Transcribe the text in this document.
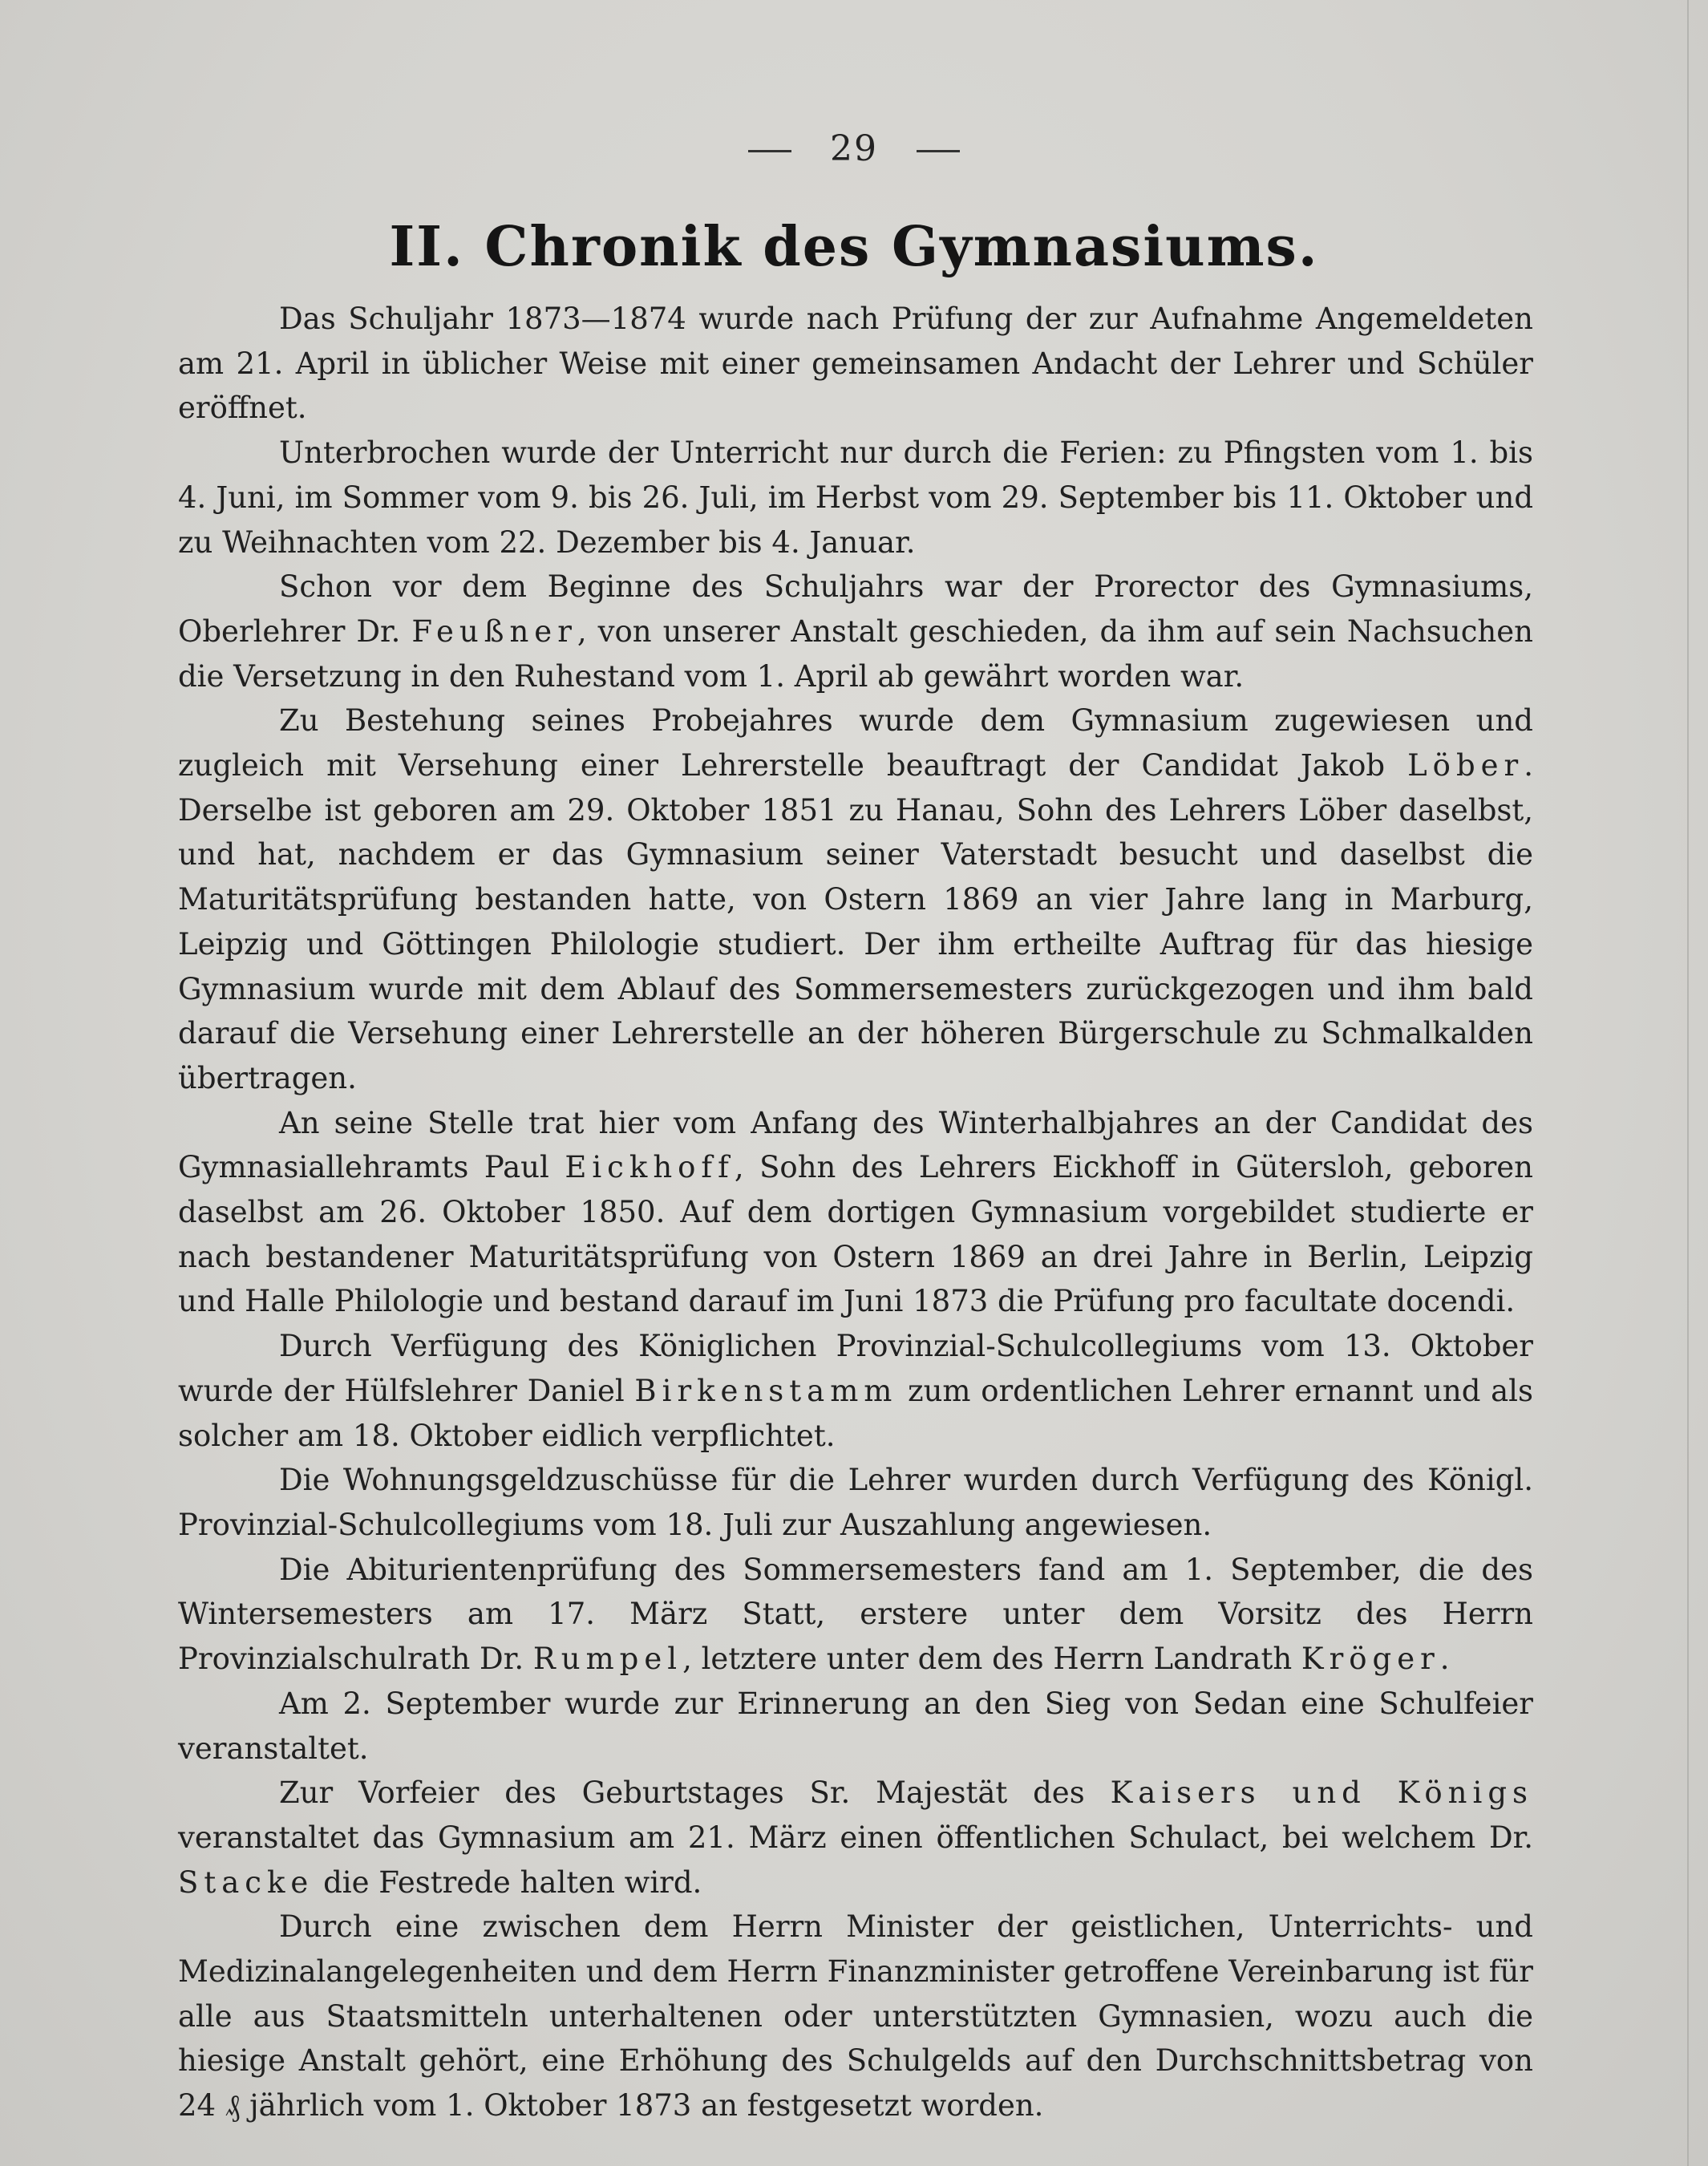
29
II. Chronik des Gymnasiums.

Das Schuljahr 1873—1874 wurde nach Prüfung der zur Aufnahme Angemeldeten am 21. April in üblicher Weise mit einer gemeinsamen Andacht der Lehrer und Schüler eröffnet.

Unterbrochen wurde der Unterricht nur durch die Ferien: zu Pfingsten vom 1. bis 4. Juni, im Sommer vom 9. bis 26. Juli, im Herbst vom 29. September bis 11. Oktober und zu Weihnachten vom 22. Dezember bis 4. Januar.

Schon vor dem Beginne des Schuljahrs war der Prorector des Gymnasiums, Oberlehrer Dr. Feußner, von unserer Anstalt geschieden, da ihm auf sein Nachsuchen die Versetzung in den Ruhestand vom 1. April ab gewährt worden war.

Zu Bestehung seines Probejahres wurde dem Gymnasium zugewiesen und zugleich mit Versehung einer Lehrerstelle beauftragt der Candidat Jakob Löber. Derselbe ist geboren am 29. Oktober 1851 zu Hanau, Sohn des Lehrers Löber daselbst, und hat, nachdem er das Gymnasium seiner Vaterstadt besucht und daselbst die Maturitätsprüfung bestanden hatte, von Ostern 1869 an vier Jahre lang in Marburg, Leipzig und Göttingen Philologie studiert. Der ihm ertheilte Auftrag für das hiesige Gymnasium wurde mit dem Ablauf des Sommersemesters zurückgezogen und ihm bald darauf die Versehung einer Lehrerstelle an der höheren Bürgerschule zu Schmalkalden übertragen.

An seine Stelle trat hier vom Anfang des Winterhalbjahres an der Candidat des Gymnasiallehramts Paul Eickhoff, Sohn des Lehrers Eickhoff in Gütersloh, geboren daselbst am 26. Oktober 1850. Auf dem dortigen Gymnasium vorgebildet studierte er nach bestandener Maturitätsprüfung von Ostern 1869 an drei Jahre in Berlin, Leipzig und Halle Philologie und bestand darauf im Juni 1873 die Prüfung pro facultate docendi.

Durch Verfügung des Königlichen Provinzial-Schulcollegiums vom 13. Oktober wurde der Hülfslehrer Daniel Birkenstamm zum ordentlichen Lehrer ernannt und als solcher am 18. Oktober eidlich verpflichtet.

Die Wohnungsgeldzuschüsse für die Lehrer wurden durch Verfügung des Königl. Provinzial-Schulcollegiums vom 18. Juli zur Auszahlung angewiesen.

Die Abiturientenprüfung des Sommersemesters fand am 1. September, die des Wintersemesters am 17. März Statt, erstere unter dem Vorsitz des Herrn Provinzialschulrath Dr. Rumpel, letztere unter dem des Herrn Landrath Kröger.

Am 2. September wurde zur Erinnerung an den Sieg von Sedan eine Schulfeier veranstaltet.

Zur Vorfeier des Geburtstages Sr. Majestät des Kaisers und Königs veranstaltet das Gymnasium am 21. März einen öffentlichen Schulact, bei welchem Dr. Stacke die Festrede halten wird.

Durch eine zwischen dem Herrn Minister der geistlichen, Unterrichts- und Medizinalangelegenheiten und dem Herrn Finanzminister getroffene Vereinbarung ist für alle aus Staatsmitteln unterhaltenen oder unterstützten Gymnasien, wozu auch die hiesige Anstalt gehört, eine Erhöhung des Schulgelds auf den Durchschnittsbetrag von 24 ₰ jährlich vom 1. Oktober 1873 an festgesetzt worden.
